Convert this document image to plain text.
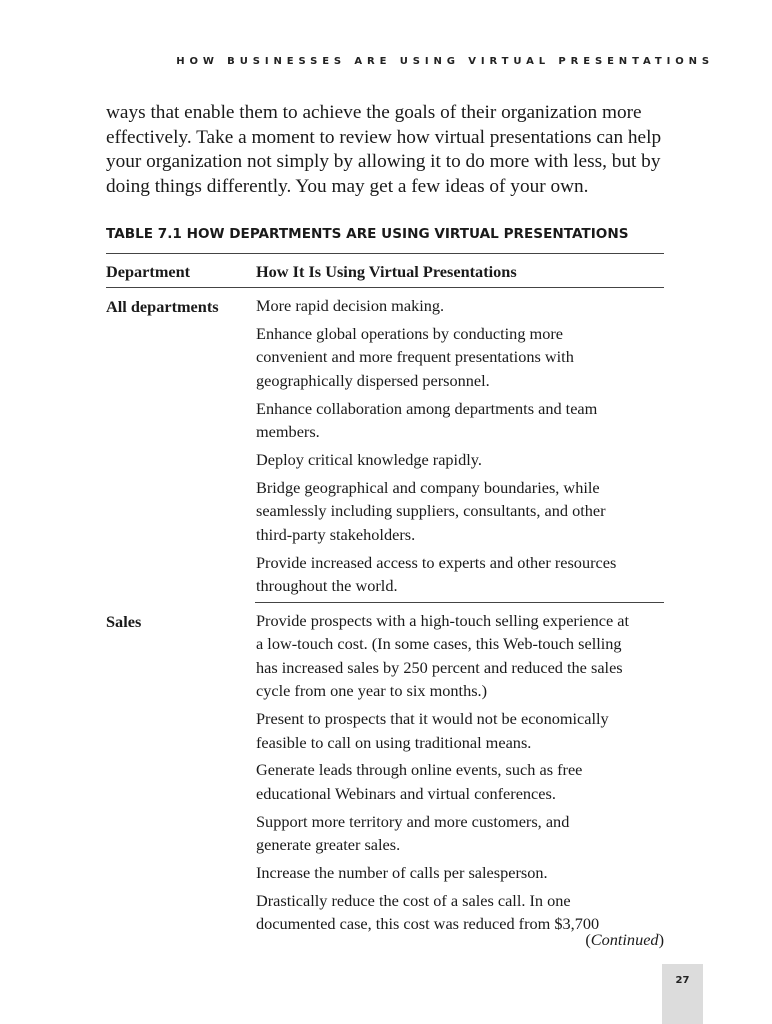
HOW BUSINESSES ARE USING VIRTUAL PRESENTATIONS
ways that enable them to achieve the goals of their organization more
effectively. Take a moment to review how virtual presentations can help
your organization not simply by allowing it to do more with less, but by
doing things differently. You may get a few ideas of your own.
TABLE 7.1 HOW DEPARTMENTS ARE USING VIRTUAL PRESENTATIONS
Department	How It Is Using Virtual Presentations
All departments More rapid decision making.
Enhance global operations by conducting more
convenient and more frequent presentations with
geographically dispersed personnel.
Enhance collaboration among departments and team
members.
Deploy critical knowledge rapidly.
Bridge geographical and company boundaries, while
seamlessly including suppliers, consultants, and other
third-party stakeholders.
Provide increased access to experts and other resources
throughout the world.
Sales	Provide prospects with a high-touch selling experience at
a low-touch cost. (In some cases, this Web-touch selling
has increased sales by 250 percent and reduced the sales
cycle from one year to six months.)
Present to prospects that it would not be economically
feasible to call on using traditional means.
Generate leads through online events, such as free
educational Webinars and virtual conferences.
Support more territory and more customers, and
generate greater sales.
Increase the number of calls per salesperson.
Drastically reduce the cost of a sales call. In one
documented case, this cost was reduced from $3,700
(Continued)
27
